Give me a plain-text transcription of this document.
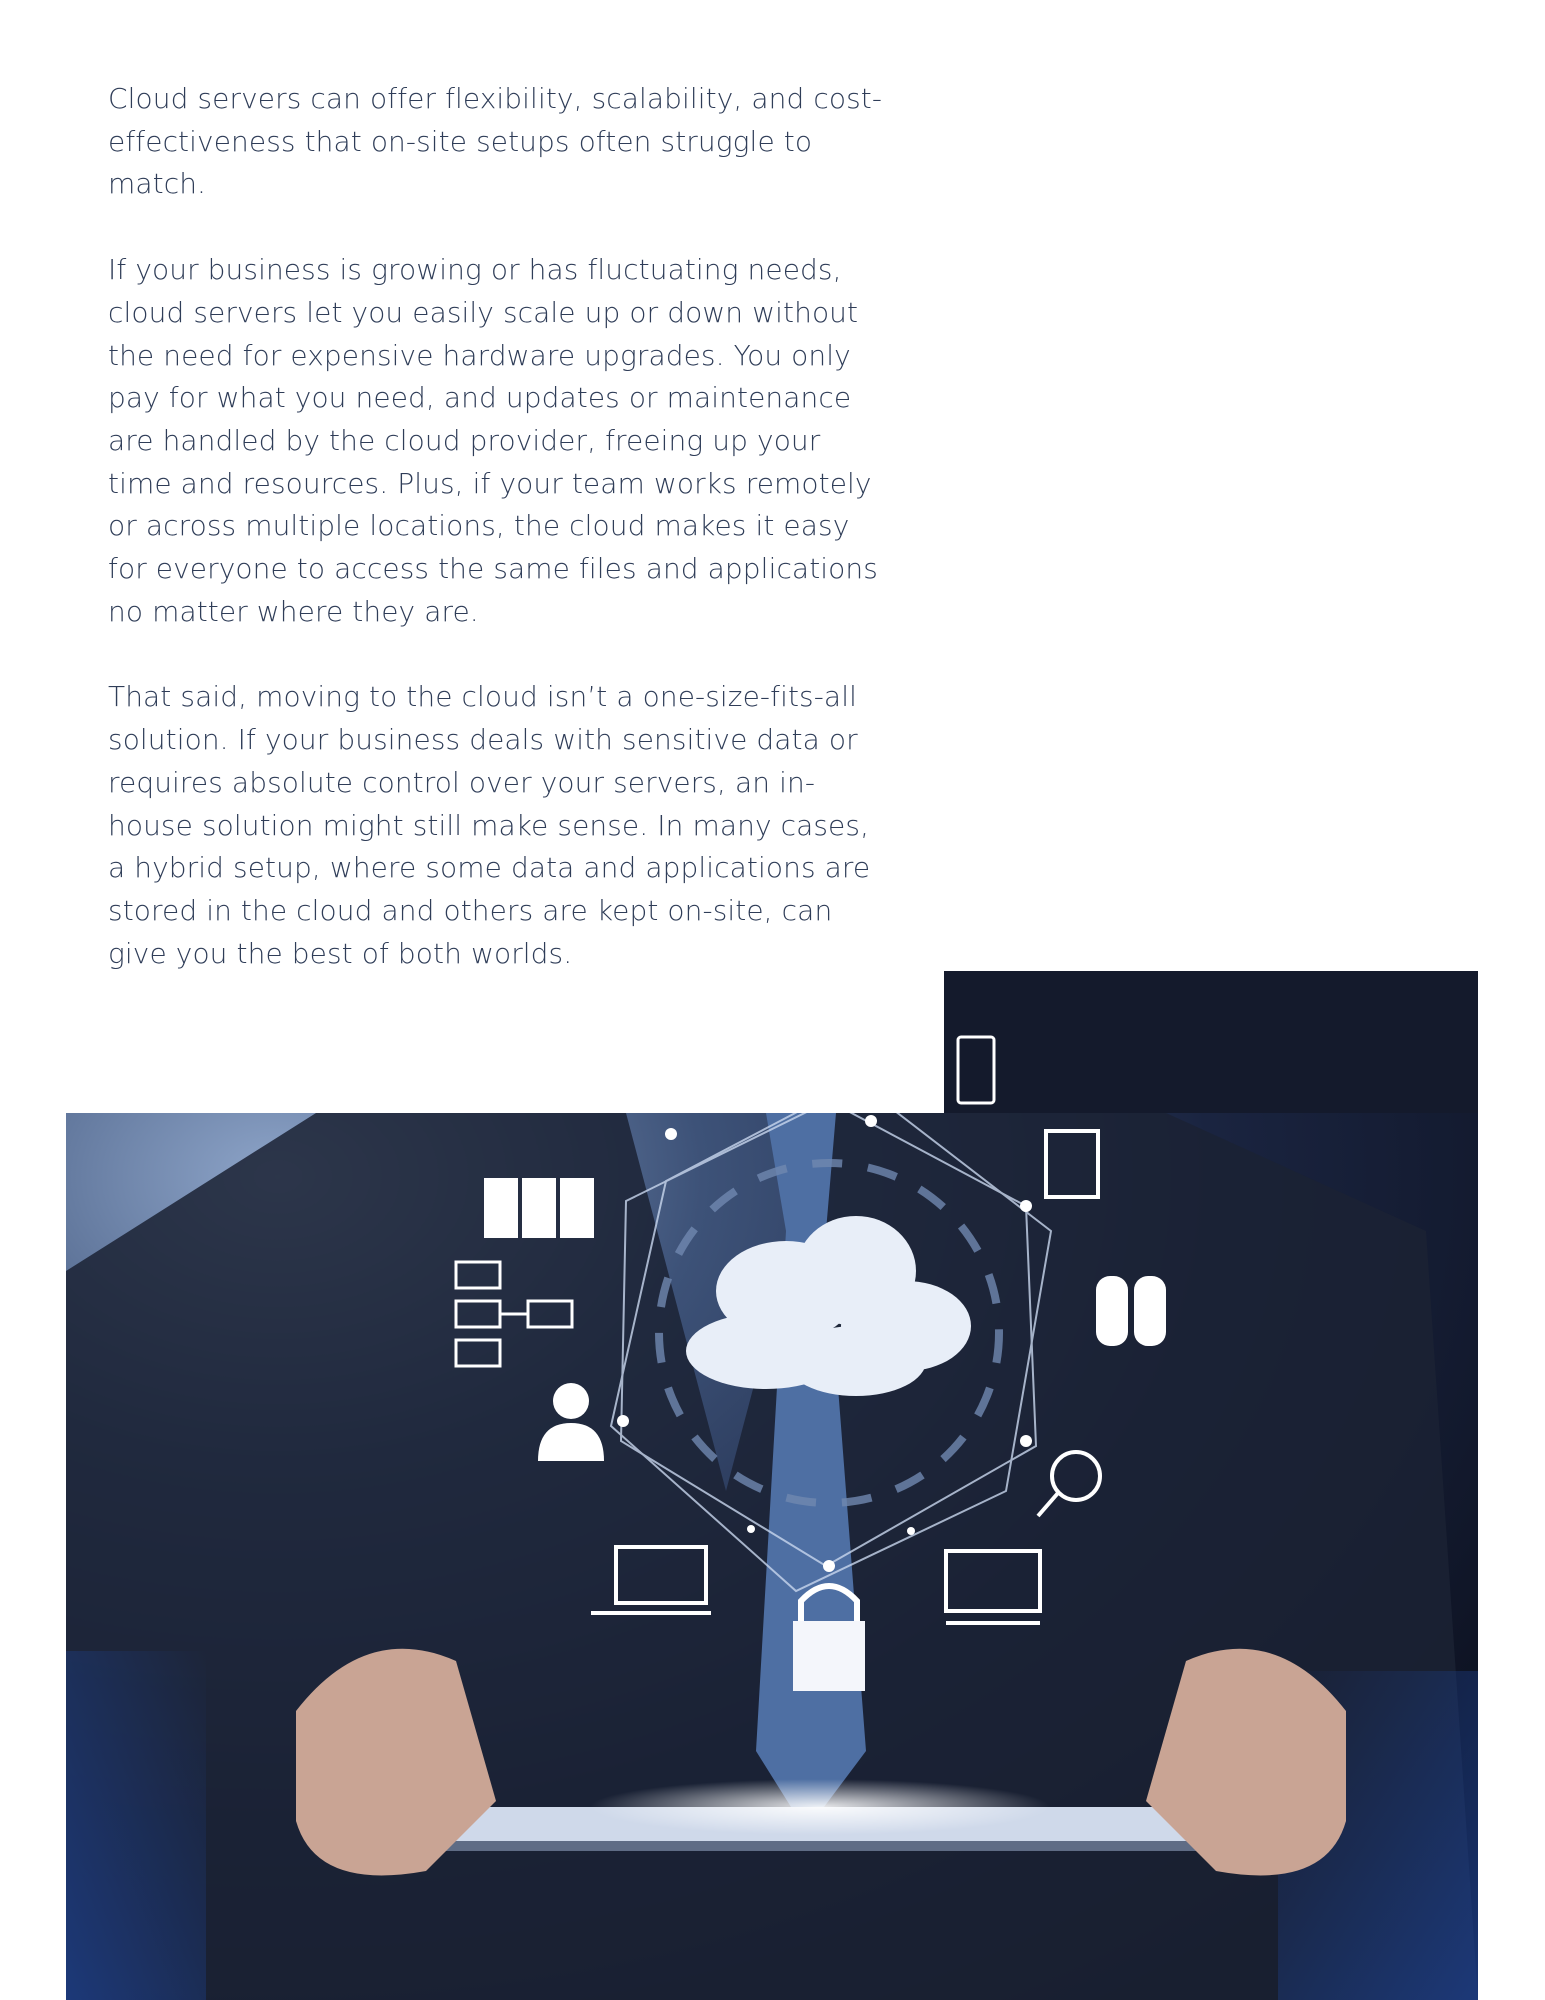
Cloud servers can offer flexibility, scalability, and cost-effectiveness that on-site setups often struggle to match.

If your business is growing or has fluctuating needs, cloud servers let you easily scale up or down without the need for expensive hardware upgrades. You only pay for what you need, and updates or maintenance are handled by the cloud provider, freeing up your time and resources. Plus, if your team works remotely or across multiple locations, the cloud makes it easy for everyone to access the same files and applications no matter where they are.

That said, moving to the cloud isn’t a one-size-fits-all solution. If your business deals with sensitive data or requires absolute control over your servers, an in-house solution might still make sense. In many cases, a hybrid setup, where some data and applications are stored in the cloud and others are kept on-site, can give you the best of both worlds.
